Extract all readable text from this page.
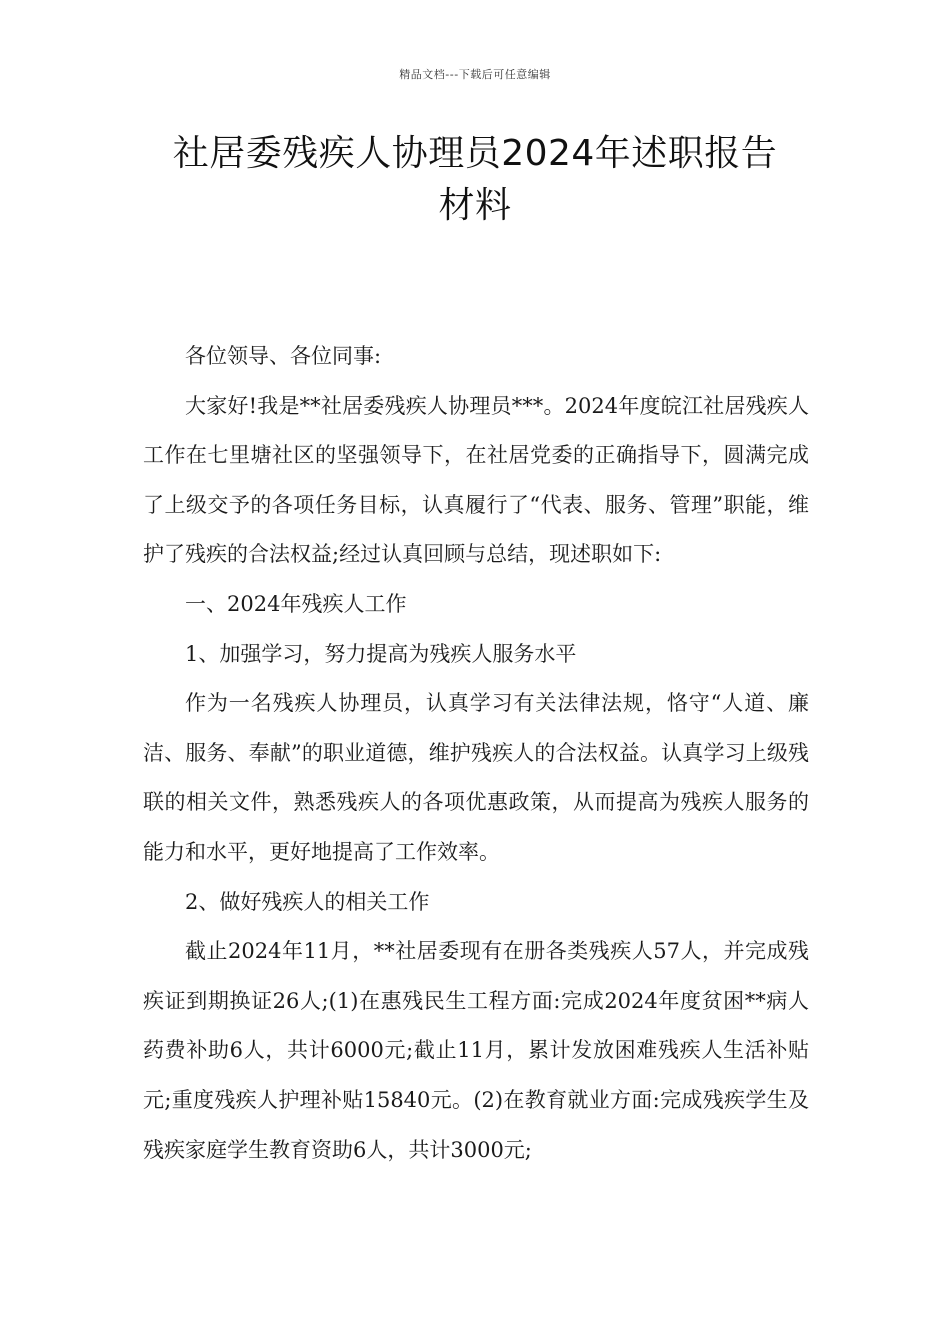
精品文档---下载后可任意编辑
社居委残疾人协理员2024年述职报告
材料

各位领导、各位同事:

大家好!我是**社居委残疾人协理员***。2024年度皖江社居残疾人工作在七里塘社区的坚强领导下，在社居党委的正确指导下，圆满完成了上级交予的各项任务目标，认真履行了“代表、服务、管理”职能，维护了残疾的合法权益;经过认真回顾与总结，现述职如下:

一、2024年残疾人工作

1、加强学习，努力提高为残疾人服务水平

作为一名残疾人协理员，认真学习有关法律法规，恪守“人道、廉洁、服务、奉献”的职业道德，维护残疾人的合法权益。认真学习上级残联的相关文件，熟悉残疾人的各项优惠政策，从而提高为残疾人服务的能力和水平，更好地提高了工作效率。

2、做好残疾人的相关工作

截止2024年11月，**社居委现有在册各类残疾人57人，并完成残疾证到期换证26人;(1)在惠残民生工程方面:完成2024年度贫困**病人药费补助6人，共计6000元;截止11月，累计发放困难残疾人生活补贴元;重度残疾人护理补贴15840元。(2)在教育就业方面:完成残疾学生及残疾家庭学生教育资助6人，共计3000元;
